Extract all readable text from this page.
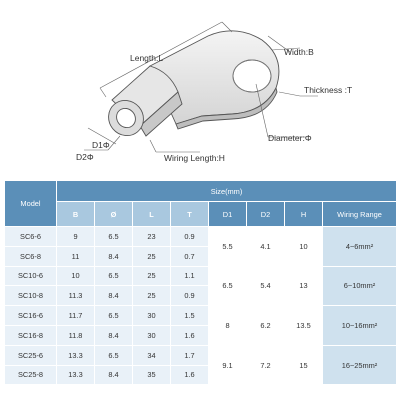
Length:L
Width:B
Thickness :T
Diameter:Φ
D1Φ
D2Φ	Wiring Length:H
Model	Size(mm)							
	B	Ø	L	T	D1	D2	H	Wiring Range
SC6-6	9	6.5	23	0.9	5.5	4.1	10	4~6mm²
SC6-8	11	8.4	25	0.7				
SC10-6	10	6.5	25	1.1	6.5	5.4	13	6~10mm²
SC10-8	11.3	8.4	25	0.9				
SC16-6	11.7	6.5	30	1.5	8	6.2	13.5	10~16mm²
SC16-8	11.8	8.4	30	1.6				
SC25-6	13.3	6.5	34	1.7	9.1	7.2	15	16~25mm²
SC25-8	13.3	8.4	35	1.6				
